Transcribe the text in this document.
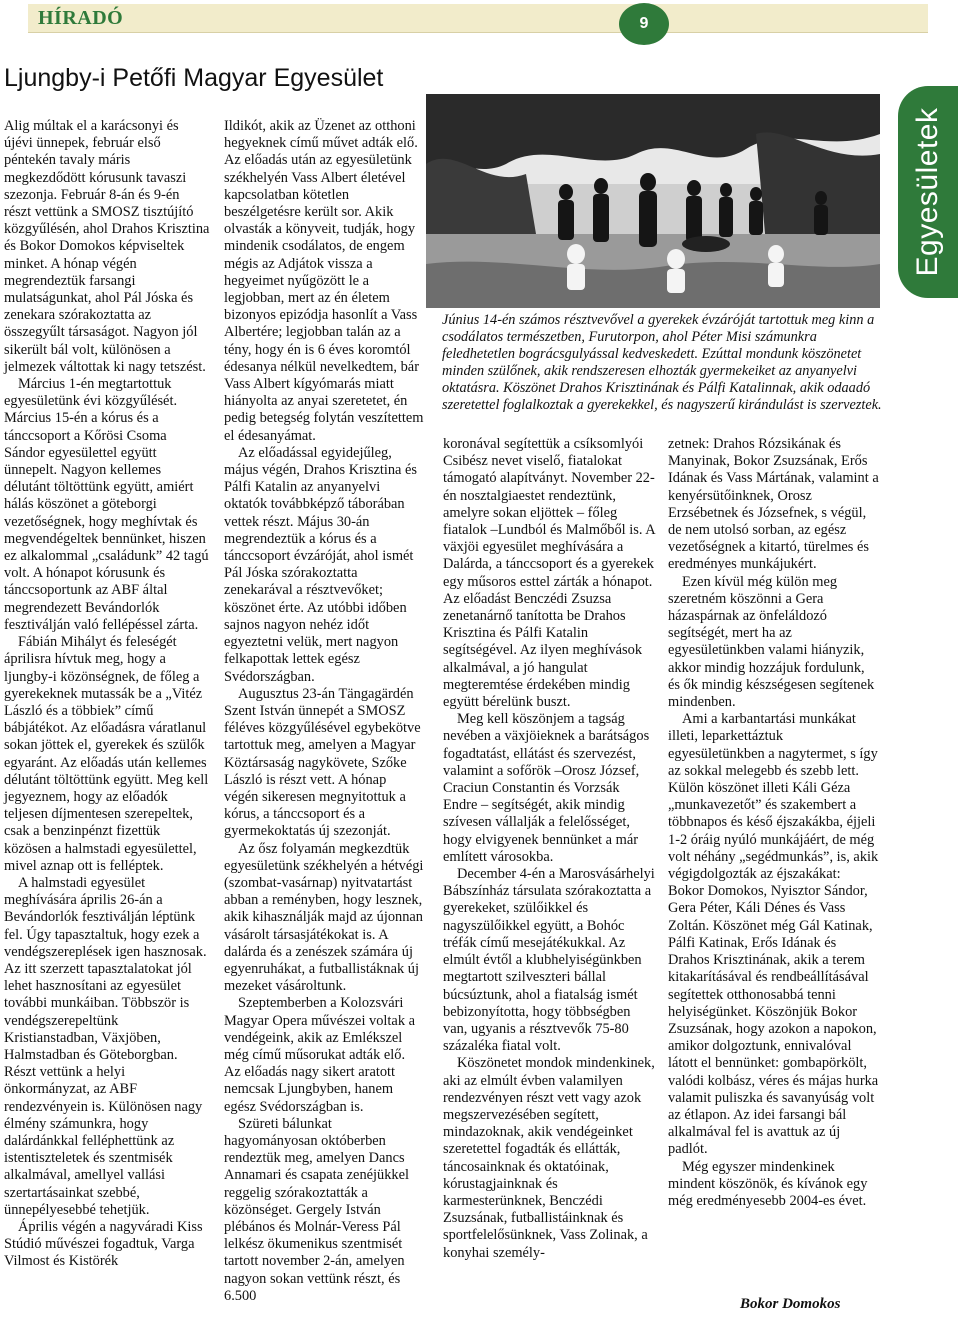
HÍRADÓ	9
Ljungby-i Petőfi Magyar Egyesület
Egyesületek

Június 14-én számos résztvevővel a gyerekek évzáróját tartottuk meg kinn a csodálatos természetben, Furutorpon, ahol Péter Misi számunkra feledhetetlen bográcsgulyással kedveskedett. Ezúttal mondunk köszönetet minden szülőnek, akik rendszeresen elhozták gyermekeiket az anyanyelvi oktatásra. Köszönet Drahos Krisztinának és Pálfi Katalinnak, akik odaadó szeretettel foglalkoztak a gyerekekkel, és nagyszerű kirándulást is szerveztek.

Alig múltak el a karácsonyi és újévi ünnepek, február első péntekén tavaly máris megkezdődött kórusunk tavaszi szezonja. Február 8-án és 9-én részt vettünk a SMOSZ tisztújító közgyűlésén, ahol Drahos Krisztina és Bokor Domokos képviseltek minket. A hónap végén megrendeztük farsangi mulatságunkat, ahol Pál Jóska és zenekara szórakoztatta az összegyűlt társaságot. Nagyon jól sikerült bál volt, különösen a jelmezek váltottak ki nagy tetszést.

Március 1-én megtartottuk egyesületünk évi közgyűlését. Március 15-én a kórus és a tánccsoport a Kőrösi Csoma Sándor egyesülettel együtt ünnepelt. Nagyon kellemes délutánt töltöttünk együtt, amiért hálás köszönet a göteborgi vezetőségnek, hogy meghívtak és megvendégeltek bennünket, hiszen ez alkalommal „családunk” 42 tagú volt. A hónapot kórusunk és tánccsoportunk az ABF által megrendezett Bevándorlók fesztiválján való fellépéssel zárta.

Fábián Mihályt és feleségét áprilisra hívtuk meg, hogy a ljungby-i közönségnek, de főleg a gyerekeknek mutassák be a „Vitéz László és a többiek” című bábjátékot. Az előadásra váratlanul sokan jöttek el, gyerekek és szülők egyaránt. Az előadás után kellemes délutánt töltöttünk együtt. Meg kell jegyeznem, hogy az előadók teljesen díjmentesen szerepeltek, csak a benzinpénzt fizettük közösen a halmstadi egyesülettel, mivel aznap ott is felléptek.

A halmstadi egyesület meghívására április 26-án a Bevándorlók fesztiválján léptünk fel. Úgy tapasztaltuk, hogy ezek a vendégszereplések igen hasznosak. Az itt szerzett tapasztalatokat jól lehet hasznosítani az egyesület további munkáiban. Többször is vendégszerepeltünk Kristianstadban, Växjöben, Halmstadban és Göteborgban. Részt vettünk a helyi önkormányzat, az ABF rendezvényein is. Különösen nagy élmény számunkra, hogy dalárdánkkal felléphettünk az istentiszteletek és szentmisék alkalmával, amellyel vallási szertartásainkat szebbé, ünnepélyesebbé tehetjük.

Április végén a nagyváradi Kiss Stúdió művészei fogadtuk, Varga Vilmost és Kistörék

Ildikót, akik az Üzenet az otthoni hegyeknek című művet adták elő. Az előadás után az egyesületünk székhelyén Vass Albert életével kapcsolatban kötetlen beszélgetésre került sor. Akik olvasták a könyveit, tudják, hogy mindenik csodálatos, de engem mégis az Adjátok vissza a hegyeimet nyűgözött le a legjobban, mert az én életem bizonyos epizódja hasonlít a Vass Albertére; legjobban talán az a tény, hogy én is 6 éves koromtól édesanya nélkül nevelkedtem, bár Vass Albert kígyómarás miatt hiányolta az anyai szeretetet, én pedig betegség folytán veszítettem el édesanyámat.

Az előadással egyidejűleg, május végén, Drahos Krisztina és Pálfi Katalin az anyanyelvi oktatók továbbképző táborában vettek részt. Május 30-án megrendeztük a kórus és a tánccsoport évzáróját, ahol ismét Pál Jóska szórakoztatta zenekarával a résztvevőket; köszönet érte. Az utóbbi időben sajnos nagyon nehéz időt egyeztetni velük, mert nagyon felkapottak lettek egész Svédországban.

Augusztus 23-án Tängagärdén Szent István ünnepét a SMOSZ féléves közgyűlésével egybekötve tartottuk meg, amelyen a Magyar Köztársaság nagykövete, Szőke László is részt vett. A hónap végén sikeresen megnyitottuk a kórus, a tánccsoport és a gyermekoktatás új szezonját.

Az ősz folyamán megkezdtük egyesületünk székhelyén a hétvégi (szombat-vasárnap) nyitvatartást abban a reményben, hogy lesznek, akik kihasználják majd az újonnan vásárolt társasjátékokat is. A dalárda és a zenészek számára új egyenruhákat, a futballistáknak új mezeket vásároltunk.

Szeptemberben a Kolozsvári Magyar Opera művészei voltak a vendégeink, akik az Emlékszel még című műsorukat adták elő. Az előadás nagy sikert aratott nemcsak Ljungbyben, hanem egész Svédországban is.

Szüreti bálunkat hagyományosan októberben rendeztük meg, amelyen Dancs Annamari és csapata zenéjükkel reggelig szórakoztatták a közönséget. Gergely István plébános és Molnár-Veress Pál lelkész ökumenikus szentmisét tartott november 2-án, amelyen nagyon sokan vettünk részt, és 6.500

koronával segítettük a csíksomlyói Csibész nevet viselő, fiatalokat támogató alapítványt. November 22-én nosztalgiaestet rendeztünk, amelyre sokan eljöttek – főleg fiatalok –Lundból és Malmőből is. A växjöi egyesület meghívására a Dalárda, a tánccsoport és a gyerekek egy műsoros esttel zárták a hónapot. Az előadást Benczédi Zsuzsa zenetanárnő tanította be Drahos Krisztina és Pálfi Katalin segítségével. Az ilyen meghívások alkalmával, a jó hangulat megteremtése érdekében mindig együtt bérelünk buszt.

Meg kell köszönjem a tagság nevében a växjöieknek a barátságos fogadtatást, ellátást és szervezést, valamint a sofőrök –Orosz József, Craciun Constantin és Vorzsák Endre – segítségét, akik mindig szívesen vállalják a felelősséget, hogy elvigyenek bennünket a már említett városokba.

December 4-én a Marosvásárhelyi Bábszínház társulata szórakoztatta a gyerekeket, szülőikkel és nagyszülőikkel együtt, a Bohóc tréfák című mesejátékukkal. Az elmúlt évtől a klubhelyiségünkben megtartott szilveszteri bállal búcsúztunk, ahol a fiatalság ismét bebizonyította, hogy többségben van, ugyanis a résztvevők 75-80 százaléka fiatal volt.

Köszönetet mondok mindenkinek, aki az elmúlt évben valamilyen rendezvényen részt vett vagy azok megszervezésében segített, mindazoknak, akik vendégeinket szeretettel fogadták és ellátták, táncosainknak és oktatóinak, kórustagjainknak és karmesterünknek, Benczédi Zsuzsának, futballistáinknak és sportfelelősünknek, Vass Zolinak, a konyhai személy-

zetnek: Drahos Rózsikának és Manyinak, Bokor Zsuzsának, Erős Idának és Vass Mártának, valamint a kenyérsütőinknek, Orosz Erzsébetnek és Józsefnek, s végül, de nem utolsó sorban, az egész vezetőségnek a kitartó, türelmes és eredményes munkájukért.

Ezen kívül még külön meg szeretném köszönni a Gera házaspárnak az önfeláldozó segítségét, mert ha az egyesületünkben valami hiányzik, akkor mindig hozzájuk fordulunk, és ők mindig készségesen segítenek mindenben.

Ami a karbantartási munkákat illeti, leparkettáztuk egyesületünkben a nagytermet, s így az sokkal melegebb és szebb lett. Külön köszönet illeti Káli Géza „munkavezetőt” és szakembert a többnapos és késő éjszakákba, éjjeli 1-2 óráig nyúló munkájáért, de még volt néhány „segédmunkás”, is, akik végigdolgozták az éjszakákat: Bokor Domokos, Nyisztor Sándor, Gera Péter, Káli Dénes és Vass Zoltán. Köszönet még Gál Katinak, Pálfi Katinak, Erős Idának és Drahos Krisztinának, akik a terem kitakarításával és rendbeállításával segítettek otthonosabbá tenni helyiségünket. Köszönjük Bokor Zsuzsának, hogy azokon a napokon, amikor dolgoztunk, ennivalóval látott el bennünket: gombapörkölt, valódi kolbász, véres és májas hurka valamit puliszka és savanyúság volt az étlapon. Az idei farsangi bál alkalmával fel is avattuk az új padlót.

Még egyszer mindenkinek mindent köszönök, és kívánok egy még eredményesebb 2004-es évet.

Bokor Domokos
